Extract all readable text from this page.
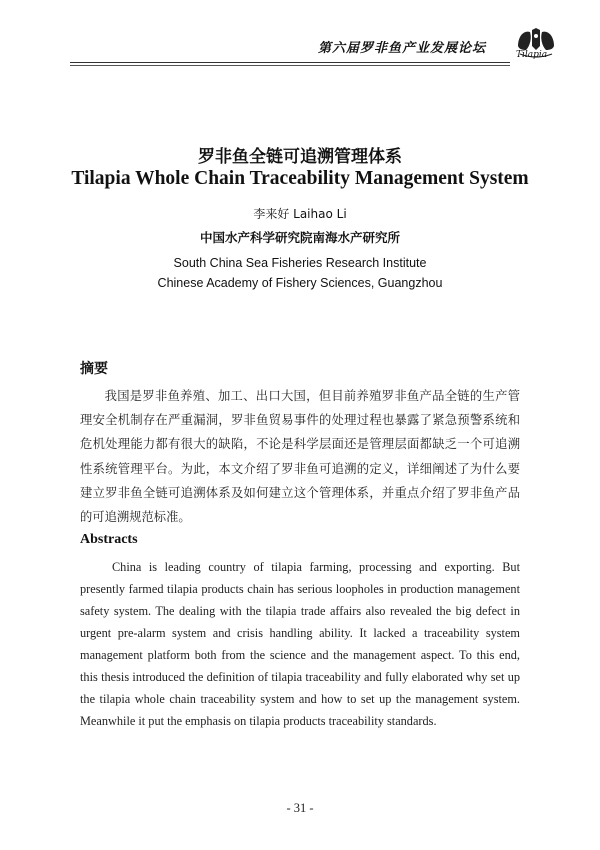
第六届罗非鱼产业发展论坛	Tilapia
罗非鱼全链可追溯管理体系
Tilapia Whole Chain Traceability Management System
李来好 Laihao Li
中国水产科学研究院南海水产研究所
South China Sea Fisheries Research Institute
Chinese Academy of Fishery Sciences, Guangzhou
摘要

我国是罗非鱼养殖、加工、出口大国，但目前养殖罗非鱼产品全链的生产管理安全机制存在严重漏洞，罗非鱼贸易事件的处理过程也暴露了紧急预警系统和危机处理能力都有很大的缺陷，不论是科学层面还是管理层面都缺乏一个可追溯性系统管理平台。为此，本文介绍了罗非鱼可追溯的定义，详细阐述了为什么要建立罗非鱼全链可追溯体系及如何建立这个管理体系，并重点介绍了罗非鱼产品的可追溯规范标准。

Abstracts

China is leading country of tilapia farming, processing and exporting. But presently farmed tilapia products chain has serious loopholes in production management safety system. The dealing with the tilapia trade affairs also revealed the big defect in urgent pre-alarm system and crisis handling ability. It lacked a traceability system management platform both from the science and the management aspect. To this end, this thesis introduced the definition of tilapia traceability and fully elaborated why set up the tilapia whole chain traceability system and how to set up the management system. Meanwhile it put the emphasis on tilapia products traceability standards.

- 31 -
